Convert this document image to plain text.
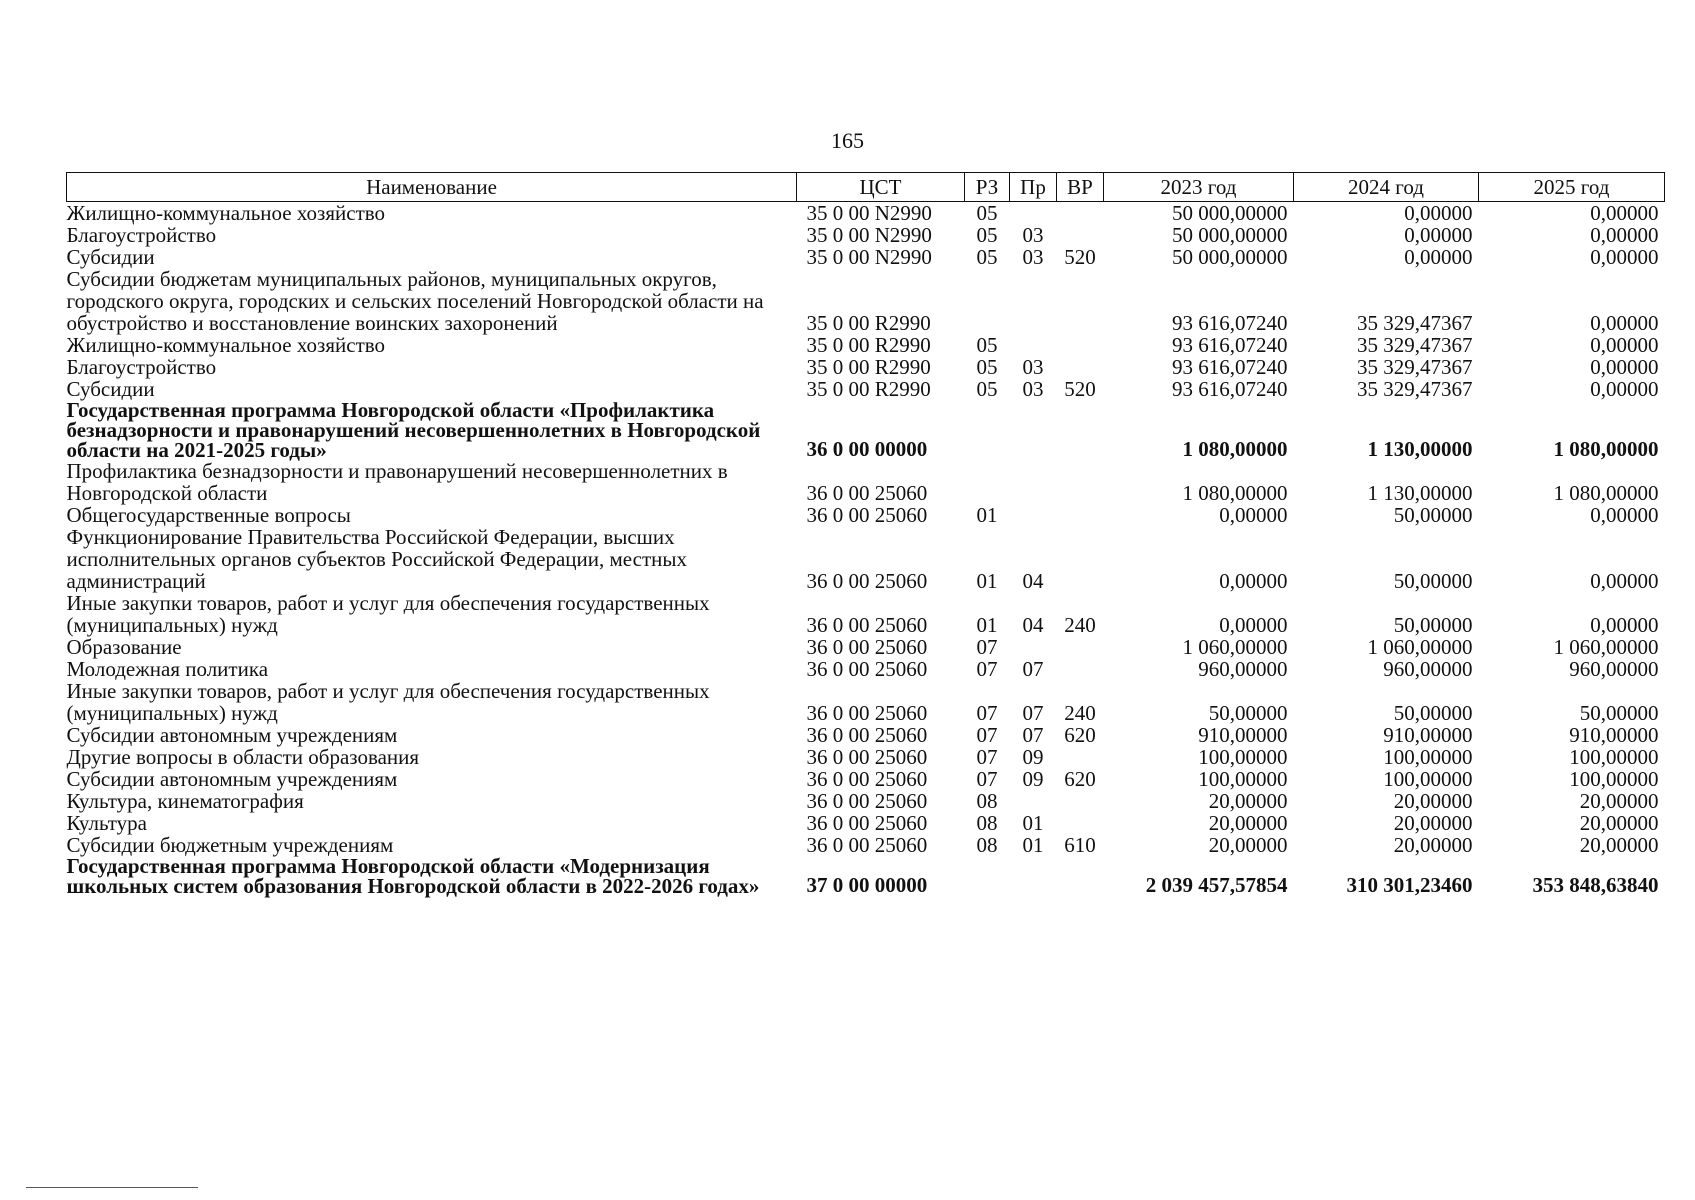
165
Наименование	ЦСТ	РЗ	Пр	ВР	2023 год	2024 год	2025 год
Жилищно-коммунальное хозяйство	35 0 00 N2990	05			50 000,00000	0,00000	0,00000
Благоустройство	35 0 00 N2990	05	03		50 000,00000	0,00000	0,00000
Субсидии	35 0 00 N2990	05	03	520	50 000,00000	0,00000	0,00000
Субсидии бюджетам муниципальных районов, муниципальных округов, городского округа, городских и сельских поселений Новгородской области на обустройство и восстановление воинских захоронений	35 0 00 R2990				93 616,07240	35 329,47367	0,00000
Жилищно-коммунальное хозяйство	35 0 00 R2990	05			93 616,07240	35 329,47367	0,00000
Благоустройство	35 0 00 R2990	05	03		93 616,07240	35 329,47367	0,00000
Субсидии	35 0 00 R2990	05	03	520	93 616,07240	35 329,47367	0,00000
Государственная программа Новгородской области «Профилактика безнадзорности и правонарушений несовершеннолетних в Новгородской области на 2021-2025 годы»	36 0 00 00000				1 080,00000	1 130,00000	1 080,00000
Профилактика безнадзорности и правонарушений несовершеннолетних в Новгородской области	36 0 00 25060				1 080,00000	1 130,00000	1 080,00000
Общегосударственные вопросы	36 0 00 25060	01			0,00000	50,00000	0,00000
Функционирование Правительства Российской Федерации, высших исполнительных органов субъектов Российской Федерации, местных администраций	36 0 00 25060	01	04		0,00000	50,00000	0,00000
Иные закупки товаров, работ и услуг для обеспечения государственных (муниципальных) нужд	36 0 00 25060	01	04	240	0,00000	50,00000	0,00000
Образование	36 0 00 25060	07			1 060,00000	1 060,00000	1 060,00000
Молодежная политика	36 0 00 25060	07	07		960,00000	960,00000	960,00000
Иные закупки товаров, работ и услуг для обеспечения государственных (муниципальных) нужд	36 0 00 25060	07	07	240	50,00000	50,00000	50,00000
Субсидии автономным учреждениям	36 0 00 25060	07	07	620	910,00000	910,00000	910,00000
Другие вопросы в области образования	36 0 00 25060	07	09		100,00000	100,00000	100,00000
Субсидии автономным учреждениям	36 0 00 25060	07	09	620	100,00000	100,00000	100,00000
Культура, кинематография	36 0 00 25060	08			20,00000	20,00000	20,00000
Культура	36 0 00 25060	08	01		20,00000	20,00000	20,00000
Субсидии бюджетным учреждениям	36 0 00 25060	08	01	610	20,00000	20,00000	20,00000
Государственная программа Новгородской области «Модернизация школьных систем образования Новгородской области в 2022-2026 годах»	37 0 00 00000				2 039 457,57854	310 301,23460	353 848,63840
